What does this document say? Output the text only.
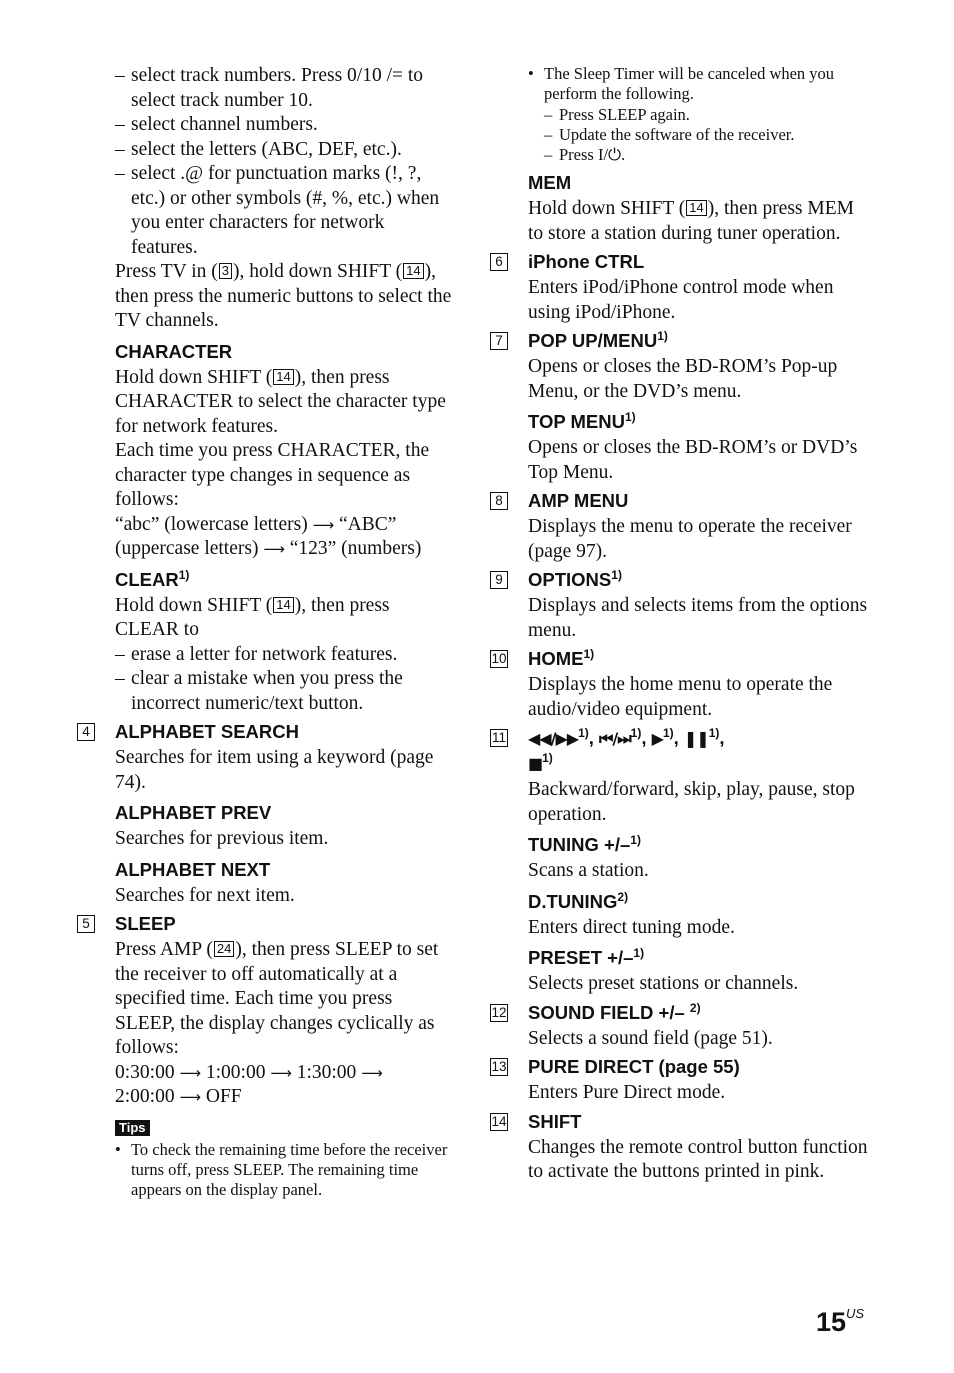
– select track numbers. Press 0/10 /= to select track number 10.

– select channel numbers.

– select the letters (ABC, DEF, etc.).

– select .@ for punctuation marks (!, ?, etc.) or other symbols (#, %, etc.) when you enter characters for network features.

Press TV in ( 3 ), hold down SHIFT ( 14 ), then press the numeric buttons to select the TV channels.

CHARACTER

Hold down SHIFT ( 14 ), then press CHARACTER to select the character type for network features.

Each time you press CHARACTER, the character type changes in sequence as follows:

“abc” (lowercase letters) ⟶ “ABC” (uppercase letters) ⟶ “123” (numbers)

CLEAR$^{1)}$

Hold down SHIFT ( 14 ), then press CLEAR to

– erase a letter for network features.

– clear a mistake when you press the incorrect numeric/text button.

4 ALPHABET SEARCH

Searches for item using a keyword (page 74).

ALPHABET PREV

Searches for previous item.

ALPHABET NEXT

Searches for next item.

5 SLEEP

Press AMP ( 24 ), then press SLEEP to set the receiver to off automatically at a specified time. Each time you press SLEEP, the display changes cyclically as follows:

0:30:00 ⟶ 1:00:00 ⟶ 1:30:00 ⟶
2:00:00 ⟶ OFF

Tips

• To check the remaining time before the receiver turns off, press SLEEP. The remaining time appears on the display panel.

• The Sleep Timer will be canceled when you perform the following.

– Press SLEEP again.

– Update the software of the receiver.

– Press I/⏻.

MEM

Hold down SHIFT ( 14 ), then press MEM to store a station during tuner operation.

6 iPhone CTRL

Enters iPod/iPhone control mode when using iPod/iPhone.

7 POP UP/MENU$^{1)}$

Opens or closes the BD-ROM’s Pop-up Menu, or the DVD’s menu.

TOP MENU$^{1)}$

Opens or closes the BD-ROM’s or DVD’s Top Menu.

8 AMP MENU

Displays the menu to operate the receiver (page 97).

9 OPTIONS$^{1)}$

Displays and selects items from the options menu.

10 HOME$^{1)}$

Displays the home menu to operate the audio/video equipment.

11 ◀◀/▶▶$^{1)}$, ⏮/⏭$^{1)}$, ▶$^{1)}$, ❚❚$^{1)}$,
■$^{1)}$

Backward/forward, skip, play, pause, stop operation.

TUNING +/–$^{1)}$

Scans a station.

D.TUNING$^{2)}$

Enters direct tuning mode.

PRESET +/–$^{1)}$

Selects preset stations or channels.

12 SOUND FIELD +/– $^{2)}$

Selects a sound field (page 51).

13 PURE DIRECT (page 55)

Enters Pure Direct mode.

14 SHIFT

Changes the remote control button function to activate the buttons printed in pink.

$15^{US}$
